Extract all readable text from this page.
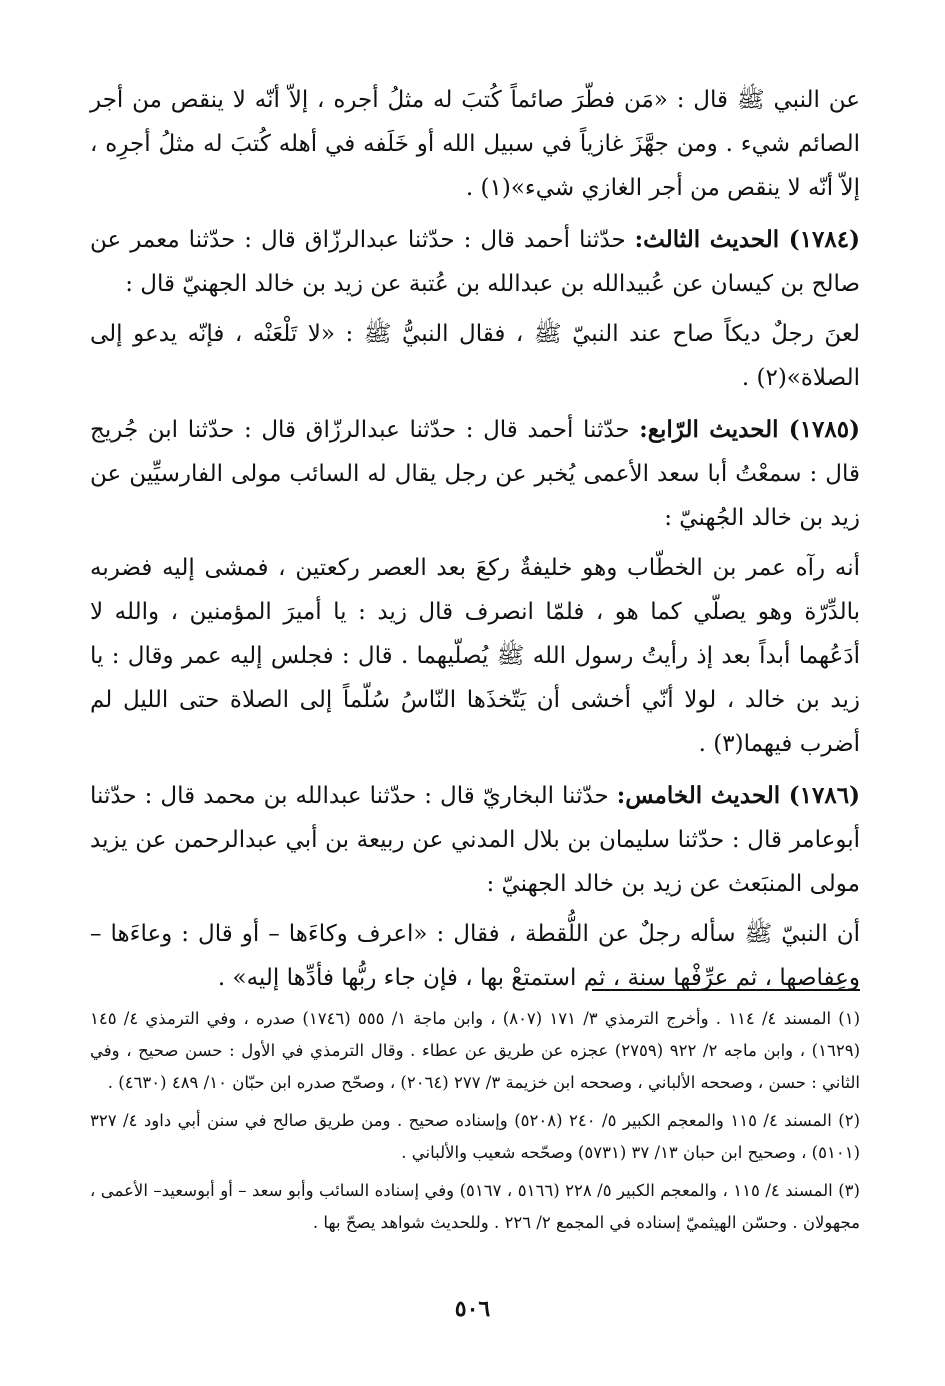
عن النبي ﷺ قال : «مَن فطّرَ صائماً كُتبَ له مثلُ أجره ، إلاّ أنّه لا ينقص من أجر الصائم شيء . ومن جهَّزَ غازياً في سبيل الله أو خَلَفه في أهله كُتبَ له مثلُ أجرِه ، إلاّ أنّه لا ينقص من أجر الغازي شيء»(١) .

(١٧٨٤) الحديث الثالث: حدّثنا أحمد قال : حدّثنا عبدالرزّاق قال : حدّثنا معمر عن صالح بن كيسان عن عُبيدالله بن عبدالله بن عُتبة عن زيد بن خالد الجهنيّ قال :

لعنَ رجلٌ ديكاً صاح عند النبيّ ﷺ ، فقال النبيُّ ﷺ : «لا تَلْعَنْه ، فإنّه يدعو إلى الصلاة»(٢) .

(١٧٨٥) الحديث الرّابع: حدّثنا أحمد قال : حدّثنا عبدالرزّاق قال : حدّثنا ابن جُريج قال : سمعْتُ أبا سعد الأعمى يُخبر عن رجل يقال له السائب مولى الفارسيِّين عن زيد بن خالد الجُهنيّ :

أنه رآه عمر بن الخطّاب وهو خليفةٌ ركعَ بعد العصر ركعتين ، فمشى إليه فضربه بالدِّرّة وهو يصلّي كما هو ، فلمّا انصرف قال زيد : يا أميرَ المؤمنين ، والله لا أدَعُهما أبداً بعد إذ رأيتُ رسول الله ﷺ يُصلّيهما . قال : فجلس إليه عمر وقال : يا زيد بن خالد ، لولا أنّي أخشى أن يَتّخذَها النّاسُ سُلّماً إلى الصلاة حتى الليل لم أضرب فيهما(٣) .

(١٧٨٦) الحديث الخامس: حدّثنا البخاريّ قال : حدّثنا عبدالله بن محمد قال : حدّثنا أبوعامر قال : حدّثنا سليمان بن بلال المدني عن ربيعة بن أبي عبدالرحمن عن يزيد مولى المنبَعث عن زيد بن خالد الجهنيّ :

أن النبيّ ﷺ سأله رجلٌ عن اللُّقطة ، فقال : «اعرف وكاءَها – أو قال : وعاءَها – وعِفاصها ، ثم عرِّفْها سنة ، ثم استمتعْ بها ، فإن جاء ربُّها فأدِّها إليه» .

(١) المسند ٤/ ١١٤ . وأخرج الترمذي ٣/ ١٧١ (٨٠٧) ، وابن ماجة ١/ ٥٥٥ (١٧٤٦) صدره ، وفي الترمذي ٤/ ١٤٥ (١٦٢٩) ، وابن ماجه ٢/ ٩٢٢ (٢٧٥٩) عجزه عن طريق عن عطاء . وقال الترمذي في الأول : حسن صحيح ، وفي الثاني : حسن ، وصححه الألباني ، وصححه ابن خزيمة ٣/ ٢٧٧ (٢٠٦٤) ، وصحّح صدره ابن حبّان ١٠/ ٤٨٩ (٤٦٣٠) .

(٢) المسند ٤/ ١١٥ والمعجم الكبير ٥/ ٢٤٠ (٥٢٠٨) وإسناده صحيح . ومن طريق صالح في سنن أبي داود ٤/ ٣٢٧ (٥١٠١) ، وصحيح ابن حبان ١٣/ ٣٧ (٥٧٣١) وصحّحه شعيب والألباني .

(٣) المسند ٤/ ١١٥ ، والمعجم الكبير ٥/ ٢٢٨ (٥١٦٦ ، ٥١٦٧) وفي إسناده السائب وأبو سعد – أو أبوسعيد– الأعمى ، مجهولان . وحسّن الهيثميّ إسناده في المجمع ٢/ ٢٢٦ . وللحديث شواهد يصحّ بها .

٥٠٦
